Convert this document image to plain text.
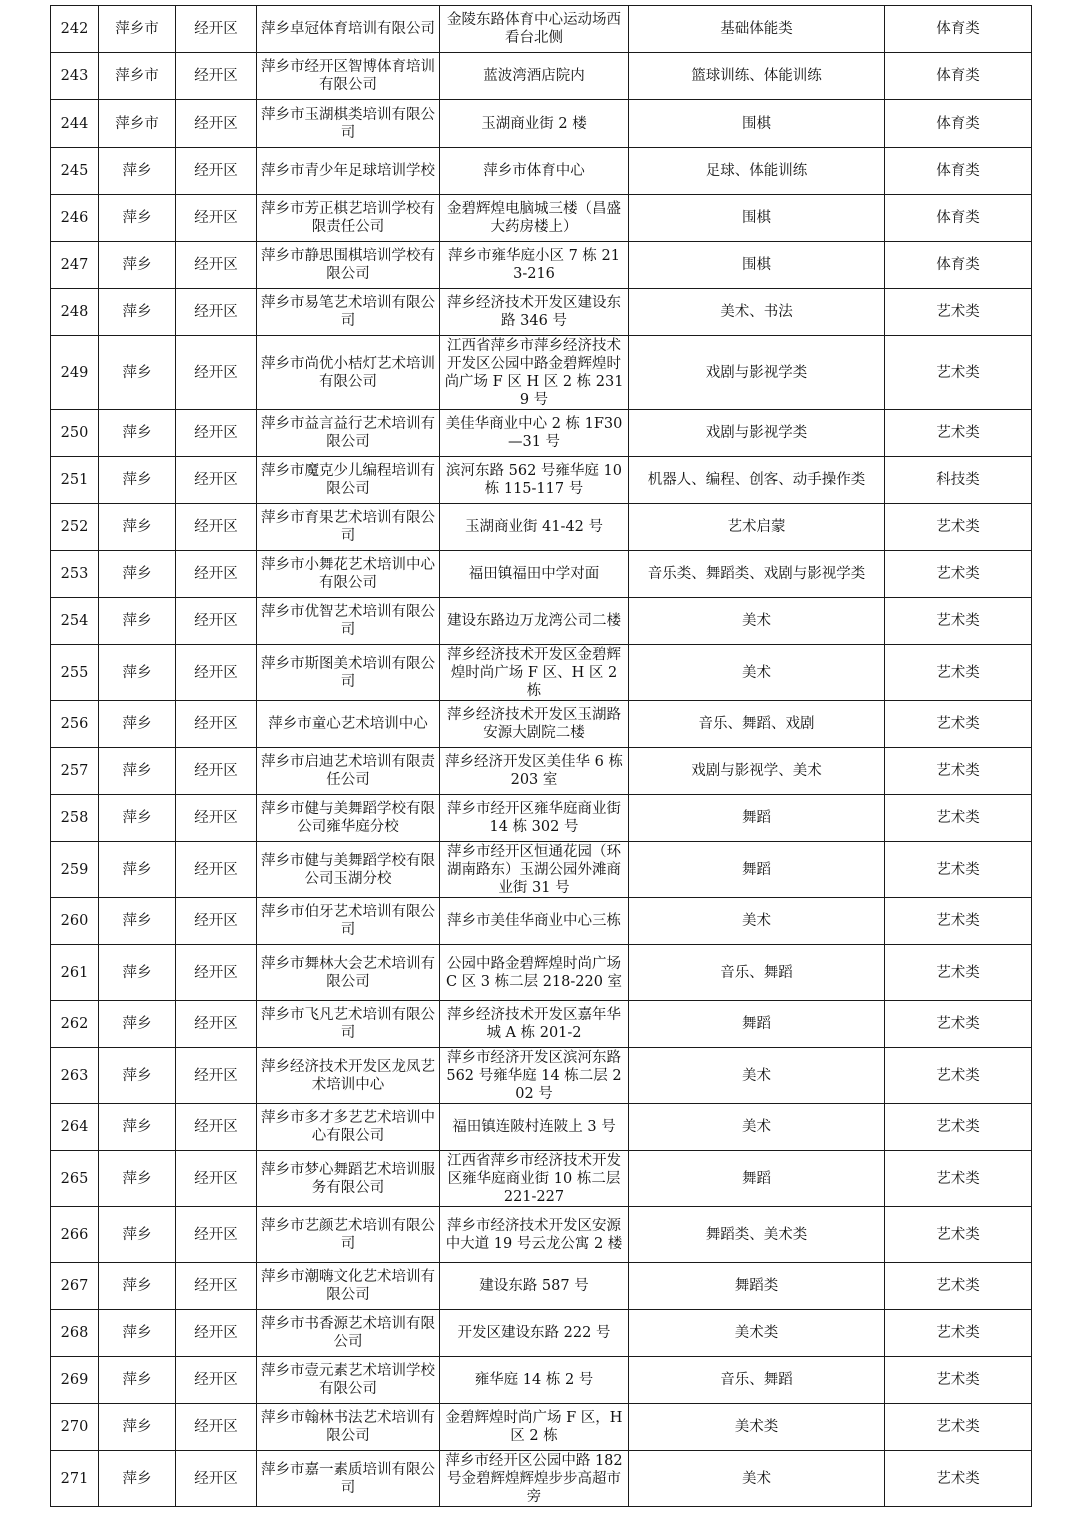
242	萍乡市	经开区	萍乡卓冠体育培训有限公司	金陵东路体育中心运动场西看台北侧	基础体能类	体育类
243	萍乡市	经开区	萍乡市经开区智博体育培训有限公司	蓝波湾酒店院内	篮球训练、体能训练	体育类
244	萍乡市	经开区	萍乡市玉湖棋类培训有限公司	玉湖商业街 2 楼	围棋	体育类
245	萍乡	经开区	萍乡市青少年足球培训学校	萍乡市体育中心	足球、体能训练	体育类
246	萍乡	经开区	萍乡市芳正棋艺培训学校有限责任公司	金碧辉煌电脑城三楼（昌盛大药房楼上）	围棋	体育类
247	萍乡	经开区	萍乡市静思围棋培训学校有限公司	萍乡市雍华庭小区 7 栋 213-216	围棋	体育类
248	萍乡	经开区	萍乡市易笔艺术培训有限公司	萍乡经济技术开发区建设东路 346 号	美术、书法	艺术类
249	萍乡	经开区	萍乡市尚优小桔灯艺术培训有限公司	江西省萍乡市萍乡经济技术开发区公园中路金碧辉煌时尚广场 F 区 H 区 2 栋 2319 号	戏剧与影视学类	艺术类
250	萍乡	经开区	萍乡市益言益行艺术培训有限公司	美佳华商业中心 2 栋 1F30—31 号	戏剧与影视学类	艺术类
251	萍乡	经开区	萍乡市魔克少儿编程培训有限公司	滨河东路 562 号雍华庭 10 栋 115-117 号	机器人、编程、创客、动手操作类	科技类
252	萍乡	经开区	萍乡市育果艺术培训有限公司	玉湖商业街 41-42 号	艺术启蒙	艺术类
253	萍乡	经开区	萍乡市小舞花艺术培训中心有限公司	福田镇福田中学对面	音乐类、舞蹈类、戏剧与影视学类	艺术类
254	萍乡	经开区	萍乡市优智艺术培训有限公司	建设东路边万龙湾公司二楼	美术	艺术类
255	萍乡	经开区	萍乡市斯图美术培训有限公司	萍乡经济技术开发区金碧辉煌时尚广场 F 区、H 区 2 栋	美术	艺术类
256	萍乡	经开区	萍乡市童心艺术培训中心	萍乡经济技术开发区玉湖路安源大剧院二楼	音乐、舞蹈、戏剧	艺术类
257	萍乡	经开区	萍乡市启迪艺术培训有限责任公司	萍乡经济开发区美佳华 6 栋 203 室	戏剧与影视学、美术	艺术类
258	萍乡	经开区	萍乡市健与美舞蹈学校有限公司雍华庭分校	萍乡市经开区雍华庭商业街 14 栋 302 号	舞蹈	艺术类
259	萍乡	经开区	萍乡市健与美舞蹈学校有限公司玉湖分校	萍乡市经开区恒通花园（环湖南路东）玉湖公园外滩商业街 31 号	舞蹈	艺术类
260	萍乡	经开区	萍乡市伯牙艺术培训有限公司	萍乡市美佳华商业中心三栋	美术	艺术类
261	萍乡	经开区	萍乡市舞林大会艺术培训有限公司	公园中路金碧辉煌时尚广场 C 区 3 栋二层 218-220 室	音乐、舞蹈	艺术类
262	萍乡	经开区	萍乡市飞凡艺术培训有限公司	萍乡经济技术开发区嘉年华城 A 栋 201-2	舞蹈	艺术类
263	萍乡	经开区	萍乡经济技术开发区龙凤艺术培训中心	萍乡市经济开发区滨河东路 562 号雍华庭 14 栋二层 202 号	美术	艺术类
264	萍乡	经开区	萍乡市多才多艺艺术培训中心有限公司	福田镇连陂村连陂上 3 号	美术	艺术类
265	萍乡	经开区	萍乡市梦心舞蹈艺术培训服务有限公司	江西省萍乡市经济技术开发区雍华庭商业街 10 栋二层 221-227	舞蹈	艺术类
266	萍乡	经开区	萍乡市艺颜艺术培训有限公司	萍乡市经济技术开发区安源中大道 19 号云龙公寓 2 楼	舞蹈类、美术类	艺术类
267	萍乡	经开区	萍乡市潮嗨文化艺术培训有限公司	建设东路 587 号	舞蹈类	艺术类
268	萍乡	经开区	萍乡市书香源艺术培训有限公司	开发区建设东路 222 号	美术类	艺术类
269	萍乡	经开区	萍乡市壹元素艺术培训学校有限公司	雍华庭 14 栋 2 号	音乐、舞蹈	艺术类
270	萍乡	经开区	萍乡市翰林书法艺术培训有限公司	金碧辉煌时尚广场 F 区，H 区 2 栋	美术类	艺术类
271	萍乡	经开区	萍乡市嘉一素质培训有限公司	萍乡市经开区公园中路 182 号金碧辉煌辉煌步步高超市旁	美术	艺术类
